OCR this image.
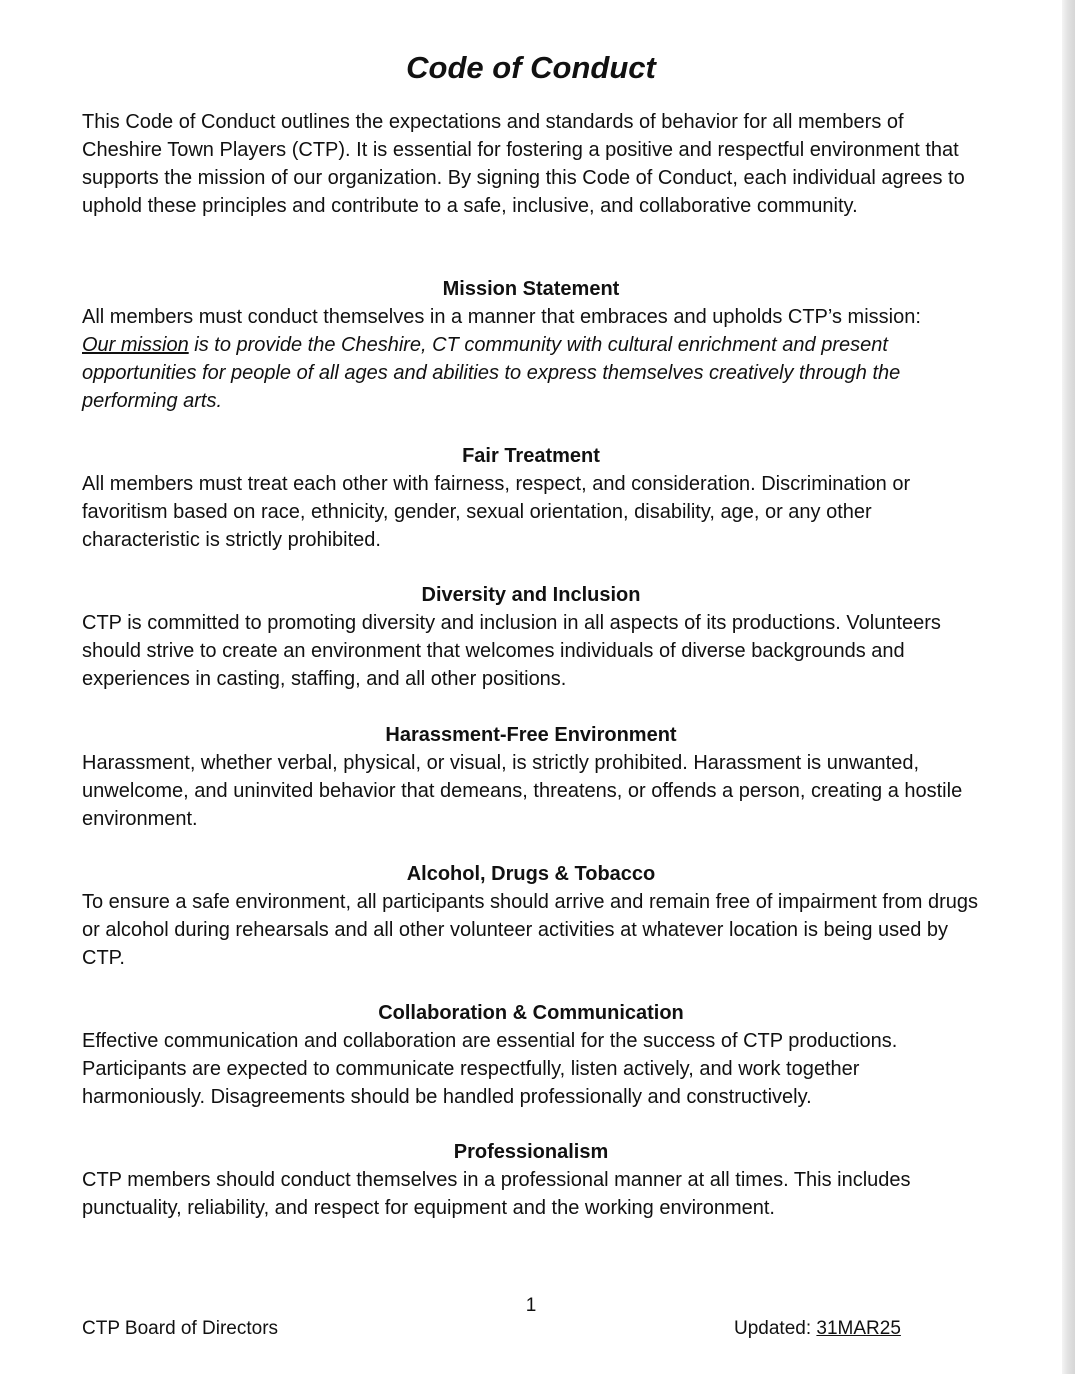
Code of Conduct

This Code of Conduct outlines the expectations and standards of behavior for all members of Cheshire Town Players (CTP). It is essential for fostering a positive and respectful environment that supports the mission of our organization. By signing this Code of Conduct, each individual agrees to uphold these principles and contribute to a safe, inclusive, and collaborative community.

Mission Statement
All members must conduct themselves in a manner that embraces and upholds CTP’s mission:
Our mission is to provide the Cheshire, CT community with cultural enrichment and present opportunities for people of all ages and abilities to express themselves creatively through the performing arts.
Fair Treatment

All members must treat each other with fairness, respect, and consideration. Discrimination or favoritism based on race, ethnicity, gender, sexual orientation, disability, age, or any other characteristic is strictly prohibited.

Diversity and Inclusion

CTP is committed to promoting diversity and inclusion in all aspects of its productions. Volunteers should strive to create an environment that welcomes individuals of diverse backgrounds and experiences in casting, staffing, and all other positions.

Harassment-Free Environment

Harassment, whether verbal, physical, or visual, is strictly prohibited. Harassment is unwanted, unwelcome, and uninvited behavior that demeans, threatens, or offends a person, creating a hostile environment.

Alcohol, Drugs & Tobacco

To ensure a safe environment, all participants should arrive and remain free of impairment from drugs or alcohol during rehearsals and all other volunteer activities at whatever location is being used by CTP.

Collaboration & Communication

Effective communication and collaboration are essential for the success of CTP productions. Participants are expected to communicate respectfully, listen actively, and work together harmoniously. Disagreements should be handled professionally and constructively.

Professionalism

CTP members should conduct themselves in a professional manner at all times. This includes punctuality, reliability, and respect for equipment and the working environment.

1
CTP Board of Directors	Updated: 31MAR25
